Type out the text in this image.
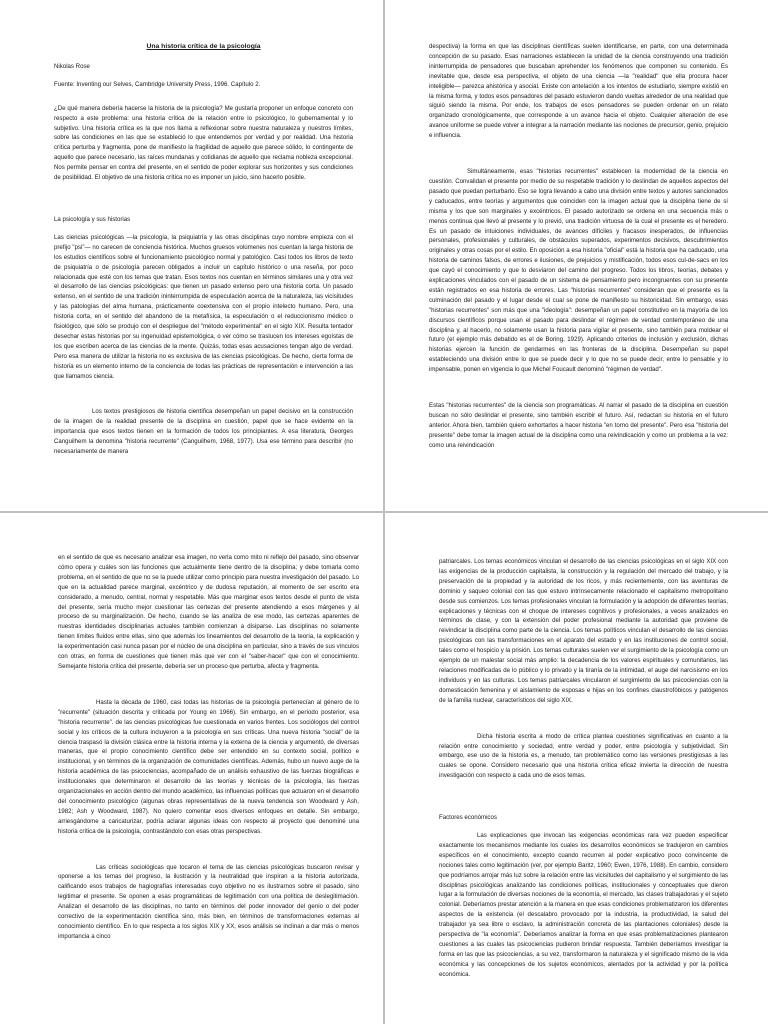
Una historia crítica de la psicología

Nikolas Rose

Fuente: Inventing our Selves, Cambridge University Press, 1996. Capítulo 2.

¿De qué manera debería hacerse la historia de la psicología? Me gustaría proponer un enfoque concreto con respecto a este problema: una historia crítica de la relación entre lo psicológico, lo gubernamental y lo subjetivo. Una historia crítica es la que nos llama a reflexionar sobre nuestra naturaleza y nuestros límites, sobre las condiciones en las que se estableció lo que entendemos por verdad y por realidad. Una historia crítica perturba y fragmenta, pone de manifiesto la fragilidad de aquello que parece sólido, lo contingente de aquello que parece necesario, las raíces mundanas y cotidianas de aquello que reclama nobleza excepcional. Nos permite pensar en contra del presente, en el sentido de poder explorar sus horizontes y sus condiciones de posibilidad. El objetivo de una historia crítica no es imponer un juicio, sino hacerlo posible.

La psicología y sus historias

Las ciencias psicológicas —la psicología, la psiquiatría y las otras disciplinas cuyo nombre empieza con el prefijo "psi"— no carecen de conciencia histórica. Muchos gruesos volúmenes nos cuentan la larga historia de los estudios científicos sobre el funcionamiento psicológico normal y patológico. Casi todos los libros de texto de psiquiatría o de psicología parecen obligados a incluir un capítulo histórico o una reseña, por poco relacionada que esté con los temas que tratan. Esos textos nos cuentan en términos similares una y otra vez el desarrollo de las ciencias psicológicas: que tienen un pasado extenso pero una historia corta. Un pasado extenso, en el sentido de una tradición ininterrumpida de especulación acerca de la naturaleza, las vicisitudes y las patologías del alma humana, prácticamente coextensiva con el propio intelecto humano. Pero, una historia corta, en el sentido del abandono de la metafísica, la especulación o el reduccionismo médico o fisiológico, que sólo se produjo con el despliegue del "método experimental" en el siglo XIX. Resulta tentador desechar estas historias por su ingenuidad epistemológica, o ver cómo se traslucen los intereses egoístas de los que escriben acerca de las ciencias de la mente. Quizás, todas esas acusaciones tengan algo de verdad. Pero esa manera de utilizar la historia no es exclusiva de las ciencias psicológicas. De hecho, cierta forma de historia es un elemento interno de la conciencia de todas las prácticas de representación e intervención a las que llamamos ciencia.

Los textos prestigiosos de historia científica desempeñan un papel decisivo en la construcción de la imagen de la realidad presente de la disciplina en cuestión, papel que se hace evidente en la importancia que esos textos tienen en la formación de todos los principiantes. A esa literatura, Georges Canguilhem la denomina "historia recurrente" (Canguilhem, 1968, 1977). Usa ese término para describir (no necesariamente de manera

despectiva) la forma en que las disciplinas científicas suelen identificarse, en parte, con una determinada concepción de su pasado. Esas narraciones establecen la unidad de la ciencia construyendo una tradición ininterrumpida de pensadores que buscaban aprehender los fenómenos que componen su contenido. Es inevitable que, desde esa perspectiva, el objeto de una ciencia —la "realidad" que ella procura hacer inteligible— parezca ahistórica y asocial. Existe con antelación a los intentos de estudiarlo, siempre existió en la misma forma, y todos esos pensadores del pasado estuvieron dando vueltas alrededor de una realidad que siguió siendo la misma. Por ende, los trabajos de esos pensadores se pueden ordenar en un relato organizado cronológicamente, que corresponde a un avance hacia el objeto. Cualquier alteración de ese avance uniforme se puede volver a integrar a la narración mediante las nociones de precursor, genio, prejuicio e influencia.

Simultáneamente, esas "historias recurrentes" establecen la modernidad de la ciencia en cuestión. Convalidan el presente por medio de su respetable tradición y lo deslindan de aquellos aspectos del pasado que puedan perturbarlo. Eso se logra llevando a cabo una división entre textos y autores sancionados y caducados, entre teorías y argumentos que coinciden con la imagen actual que la disciplina tiene de sí misma y los que son marginales y excéntricos. El pasado autorizado se ordena en una secuencia más o menos continua que llevó al presente y lo previó, una tradición virtuosa de la cual el presente es el heredero. Es un pasado de intuiciones individuales, de avances difíciles y fracasos inesperados, de influencias personales, profesionales y culturales, de obstáculos superados, experimentos decisivos, descubrimientos originales y otras cosas por el estilo. En oposición a esa historia "oficial" está la historia que ha caducado, una historia de caminos falsos, de errores e ilusiones, de prejuicios y mistificación, todos esos cul-de-sacs en los que cayó el conocimiento y que lo desviaron del camino del progreso. Todos los libros, teorías, debates y explicaciones vinculados con el pasado de un sistema de pensamiento pero incongruentes con su presente están registrados en esa historia de errores. Las "historias recurrentes" consideran que el presente es la culminación del pasado y el lugar desde el cual se pone de manifiesto su historicidad. Sin embargo, esas "historias recurrentes" son más que una "ideología": desempeñan un papel constitutivo en la mayoría de los discursos científicos porque usan el pasado para deslindar el régimen de verdad contemporáneo de una disciplina y, al hacerlo, no solamente usan la historia para vigilar el presente, sino también para moldear el futuro (el ejemplo más debatido es el de Boring, 1929). Aplicando criterios de inclusión y exclusión, dichas historias ejercen la función de gendarmes en las fronteras de la disciplina. Desempeñan su papel estableciendo una división entre lo que se puede decir y lo que no se puede decir, entre lo pensable y lo impensable, ponen en vigencia lo que Michel Foucault denominó "régimen de verdad".

Estas "historias recurrentes" de la ciencia son programáticas. Al narrar el pasado de la disciplina en cuestión buscan no sólo deslindar el presente, sino también escribir el futuro. Así, redactan su historia en el futuro anterior. Ahora bien, también quiero exhortarlos a hacer historia "en torno del presente". Pero esa "historia del presente" debe tomar la imagen actual de la disciplina como una reivindicación y como un problema a la vez: como una reivindicación

en el sentido de que es necesario analizar esa imagen, no verla como mito ni reflejo del pasado, sino observar cómo opera y cuáles son las funciones que actualmente tiene dentro de la disciplina; y debe tomarla como problema, en el sentido de que no se la puede utilizar como principio para nuestra investigación del pasado. Lo que en la actualidad parece marginal, excéntrico y de dudosa reputación, al momento de ser escrito era considerado, a menudo, central, normal y respetable. Más que marginar esos textos desde el punto de vista del presente, sería mucho mejor cuestionar las certezas del presente atendiendo a esos márgenes y al proceso de su marginalización. De hecho, cuando se las analiza de ese modo, las certezas aparentes de nuestras identidades disciplinarias actuales también comienzan a disiparse. Las disciplinas no solamente tienen límites fluidos entre ellas, sino que además los lineamientos del desarrollo de la teoría, la explicación y la experimentación casi nunca pasan por el núcleo de una disciplina en particular, sino a través de sus vínculos con otras, en forma de cuestiones que tienen más que ver con el "saber-hacer" que con el conocimiento. Semejante historia crítica del presente, debería ser un proceso que perturba, afecta y fragmenta.

Hasta la década de 1960, casi todas las historias de la psicología pertenecían al género de lo "recurrente" (situación descrita y criticada por Young en 1966). Sin embargo, en el período posterior, esa "historia recurrente". de las ciencias psicológicas fue cuestionada en varios frentes. Los sociólogos del control social y los críticos de la cultura incluyeron a la psicología en sus críticas. Una nueva historia "social" de la ciencia traspasó la división clásica entre la historia interna y la externa de la ciencia y argumentó, de diversas maneras, que el propio conocimiento científico debe ser entendido en su contexto social, político e institucional, y en términos de la organización de comunidades científicas. Además, hubo un nuevo auge de la historia académica de las psicociencias, acompañado de un análisis exhaustivo de las fuerzas biográficas e institucionales que determinaron el desarrollo de las teorías y técnicas de la psicología, las fuerzas organizacionales en acción dentro del mundo académico, las influencias políticas que actuaron en el desarrollo del conocimiento psicológico (algunas obras representativas de la nueva tendencia son Woodward y Ash, 1982; Ash y Woodward, 1987). No quiero comentar esos diversos enfoques en detalle. Sin embargo, arriesgándome a caricaturizar, podría aclarar algunas ideas con respecto al proyecto que denominé una historia crítica de la psicología, contrastándolo con esas otras perspectivas.

Las críticas sociológicas que tocaron el tema de las ciencias psicológicas buscaron revisar y oponerse a los temas del progreso, la ilustración y la neutralidad que inspiran a la historia autorizada, calificando esos trabajos de hagiografías interesadas cuyo objetivo no es ilustrarnos sobre el pasado, sino legitimar el presente. Se oponen a esas programáticas de legitimación con una política de deslegitimación. Analizan el desarrollo de las disciplinas, no tanto en términos del poder innovador del genio o del poder correctivo de la experimentación científica sino, más bien, en términos de transformaciones externas al conocimiento científico. En lo que respecta a los siglos XIX y XX, esos análisis se inclinan a dar más o menos importancia a cinco

patriarcales. Los temas económicos vinculan el desarrollo de las ciencias psicológicas en el siglo XIX con las exigencias de la producción capitalista, la construcción y la regulación del mercado del trabajo, y la preservación de la propiedad y la autoridad de los ricos, y más recientemente, con las aventuras de dominio y saqueo colonial con las que estuvo intrínsecamente relacionado el capitalismo metropolitano desde sus comienzos. Los temas profesionales vinculan la formulación y la adopción de diferentes teorías, explicaciones y técnicas con el choque de intereses cognitivos y profesionales, a veces analizados en términos de clase, y con la extensión del poder profesional mediante la autoridad que proviene de reivindicar la disciplina como parte de la ciencia. Los temas políticos vinculan el desarrollo de las ciencias psicológicas con las transformaciones en el aparato del estado y en las instituciones de control social, tales como el hospicio y la prisión. Los temas culturales suelen ver el surgimiento de la psicología como un ejemplo de un malestar social más amplio: la decadencia de los valores espirituales y comunitarios, las relaciones modificadas de lo público y lo privado y la tiranía de la intimidad, el auge del narcisismo en los individuos y en las culturas. Los temas patriarcales vincularon el surgimiento de las psicociencias con la domesticación femenina y el aislamiento de esposas e hijas en los confines claustrofóbicos y patógenos de la familia nuclear, característicos del siglo XIX.

Dicha historia escrita a modo de crítica plantea cuestiones significativas en cuanto a la relación entre conocimiento y sociedad, entre verdad y poder, entre psicología y subjetividad. Sin embargo, ese uso de la historia es, a menudo, tan problemático como las versiones prestigiosas a las cuales se opone. Considero necesario que una historia crítica eficaz invierta la dirección de nuestra investigación con respecto a cada uno de esos temas.

Factores económicos

Las explicaciones que invocan las exigencias económicas rara vez pueden especificar exactamente los mecanismos mediante los cuales los desarrollos económicos se tradujeron en cambios específicos en el conocimiento, excepto cuando recurren al poder explicativo poco convincente de nociones tales como legitimación (ver, por ejemplo Baritz, 1960; Ewen, 1976, 1988). En cambio, considero que podríamos arrojar más luz sobre la relación entre las vicisitudes del capitalismo y el surgimiento de las disciplinas psicológicas analizando las condiciones políticas, institucionales y conceptuales que dieron lugar a la formulación de diversas nociones de la economía, el mercado, las clases trabajadoras y el sujeto colonial. Deberíamos prestar atención a la manera en que esas condiciones problematizaron los diferentes aspectos de la existencia (el descalabro provocado por la industria, la productividad, la salud del trabajador ya sea libre o esclavo, la administración concreta de las plantaciones coloniales) desde la perspectiva de "la economía". Deberíamos analizar la forma en que esas problematizaciones plantearon cuestiones a las cuales las psicociencias pudieron brindar respuesta. También deberíamos investigar la forma en las que las psicociencias, a su vez, transformaron la naturaleza y el significado mismo de la vida económica y las concepciones de los sujetos económicos, alentados por la actividad y por la política económica.
